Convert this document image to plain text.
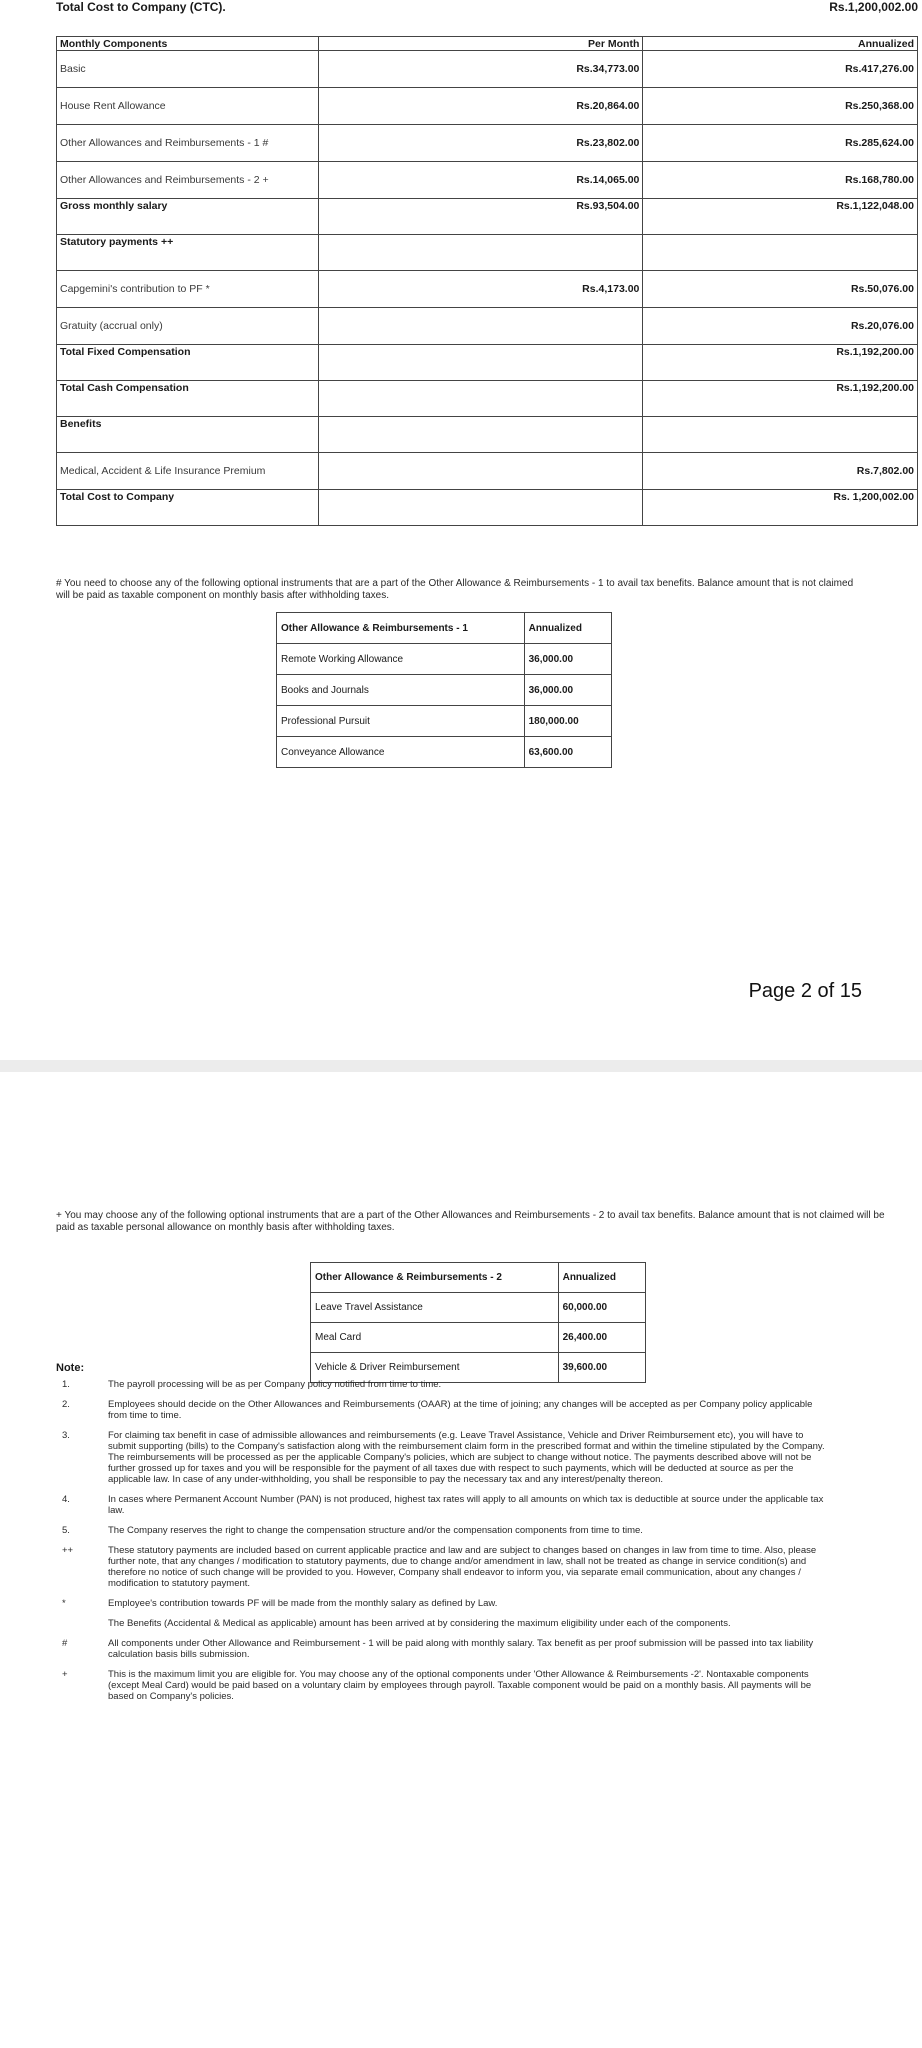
Total Cost to Company (CTC).	Rs.1,200,002.00
Monthly Components	Per Month	Annualized
Basic	Rs.34,773.00	Rs.417,276.00
House Rent Allowance	Rs.20,864.00	Rs.250,368.00
Other Allowances and Reimbursements - 1 #	Rs.23,802.00	Rs.285,624.00
Other Allowances and Reimbursements - 2 +	Rs.14,065.00	Rs.168,780.00
Gross monthly salary	Rs.93,504.00	Rs.1,122,048.00
Statutory payments ++		
Capgemini's contribution to PF *	Rs.4,173.00	Rs.50,076.00
Gratuity (accrual only)		Rs.20,076.00
Total Fixed Compensation		Rs.1,192,200.00
Total Cash Compensation		Rs.1,192,200.00
Benefits		
Medical, Accident & Life Insurance Premium		Rs.7,802.00
Total Cost to Company		Rs. 1,200,002.00
# You need to choose any of the following optional instruments that are a part of the Other Allowance & Reimbursements - 1 to avail tax benefits. Balance amount that is not claimed will be paid as taxable component on monthly basis after withholding taxes.
Other Allowance & Reimbursements - 1	Annualized
Remote Working Allowance	36,000.00
Books and Journals	36,000.00
Professional Pursuit	180,000.00
Conveyance Allowance	63,600.00
Page 2 of 15
+ You may choose any of the following optional instruments that are a part of the Other Allowances and Reimbursements - 2 to avail tax benefits. Balance amount that is not claimed will be paid as taxable personal allowance on monthly basis after withholding taxes.
Other Allowance & Reimbursements - 2	Annualized
Leave Travel Assistance	60,000.00
Meal Card	26,400.00
Vehicle & Driver Reimbursement	39,600.00
Note:
1.	The payroll processing will be as per Company policy notified from time to time.
2.	Employees should decide on the Other Allowances and Reimbursements (OAAR) at the time of joining; any changes will be accepted as per Company policy applicable from time to time.
3.	For claiming tax benefit in case of admissible allowances and reimbursements (e.g. Leave Travel Assistance, Vehicle and Driver Reimbursement etc), you will have to submit supporting (bills) to the Company's satisfaction along with the reimbursement claim form in the prescribed format and within the timeline stipulated by the Company. The reimbursements will be processed as per the applicable Company's policies, which are subject to change without notice. The payments described above will not be further grossed up for taxes and you will be responsible for the payment of all taxes due with respect to such payments, which will be deducted at source as per the applicable law. In case of any under-withholding, you shall be responsible to pay the necessary tax and any interest/penalty thereon.
4.	In cases where Permanent Account Number (PAN) is not produced, highest tax rates will apply to all amounts on which tax is deductible at source under the applicable tax law.
5.	The Company reserves the right to change the compensation structure and/or the compensation components from time to time.
++	These statutory payments are included based on current applicable practice and law and are subject to changes based on changes in law from time to time. Also, please further note, that any changes / modification to statutory payments, due to change and/or amendment in law, shall not be treated as change in service condition(s) and therefore no notice of such change will be provided to you. However, Company shall endeavor to inform you, via separate email communication, about any changes / modification to statutory payment.
*	Employee's contribution towards PF will be made from the monthly salary as defined by Law.
The Benefits (Accidental & Medical as applicable) amount has been arrived at by considering the maximum eligibility under each of the components.
#	All components under Other Allowance and Reimbursement - 1 will be paid along with monthly salary. Tax benefit as per proof submission will be passed into tax liability calculation basis bills submission.
+	This is the maximum limit you are eligible for. You may choose any of the optional components under 'Other Allowance & Reimbursements -2'. Nontaxable components (except Meal Card) would be paid based on a voluntary claim by employees through payroll. Taxable component would be paid on a monthly basis. All payments will be based on Company's policies.
